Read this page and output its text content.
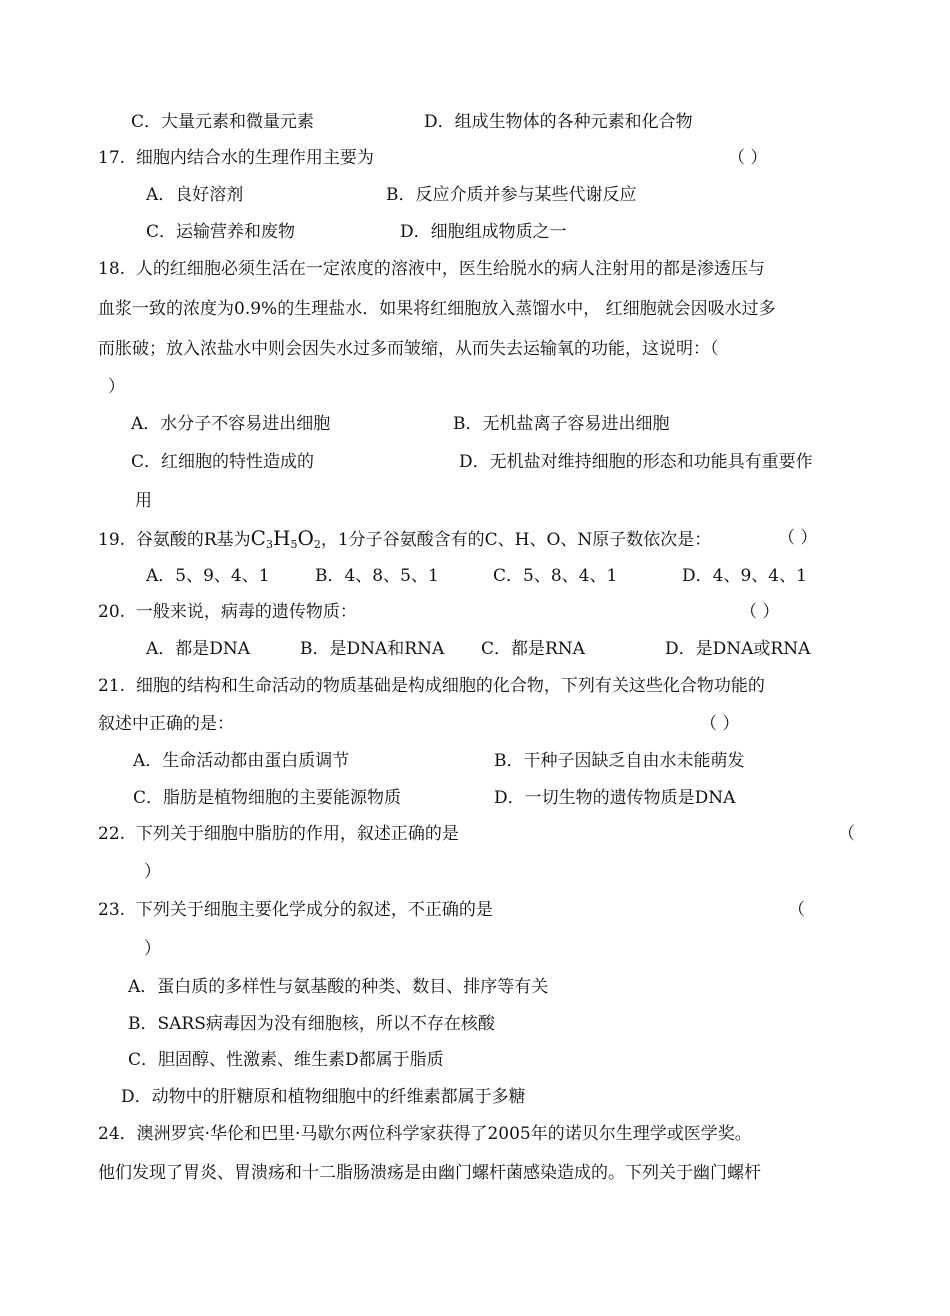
C．大量元素和微量元素	D．组成生物体的各种元素和化合物
17. 细胞内结合水的生理作用主要为	（ ）
A．良好溶剂	B．反应介质并参与某些代谢反应
C．运输营养和废物	D．细胞组成物质之一
18. 人的红细胞必须生活在一定浓度的溶液中，医生给脱水的病人注射用的都是渗透压与
血浆一致的浓度为0.9%的生理盐水．如果将红细胞放入蒸馏水中， 红细胞就会因吸水过多
而胀破；放入浓盐水中则会因失水过多而皱缩，从而失去运输氧的功能，这说明：（
）
A．水分子不容易进出细胞	B．无机盐离子容易进出细胞
C．红细胞的特性造成的	D．无机盐对维持细胞的形态和功能具有重要作
用
19. 谷氨酸的R基为$C_3H_5O_2$，1分子谷氨酸含有的C、H、O、N原子数依次是：	（ ）
A．5、9、4、1	B．4、8、5、1	C．5、8、4、1	D．4、9、4、1
20. 一般来说，病毒的遗传物质：	（ ）
A．都是DNA	B．是DNA和RNA C．都是RNA	D．是DNA或RNA
21. 细胞的结构和生命活动的物质基础是构成细胞的化合物，下列有关这些化合物功能的
叙述中正确的是：	（ ）
A．生命活动都由蛋白质调节	B．干种子因缺乏自由水未能萌发
C．脂肪是植物细胞的主要能源物质	D．一切生物的遗传物质是DNA
22. 下列关于细胞中脂肪的作用，叙述正确的是	（
）
23. 下列关于细胞主要化学成分的叙述，不正确的是	（
）
A．蛋白质的多样性与氨基酸的种类、数目、排序等有关
B．SARS病毒因为没有细胞核，所以不存在核酸
C．胆固醇、性激素、维生素D都属于脂质
D．动物中的肝糖原和植物细胞中的纤维素都属于多糖
24．澳洲罗宾·华伦和巴里·马歇尔两位科学家获得了2005年的诺贝尔生理学或医学奖。
他们发现了胃炎、胃溃疡和十二脂肠溃疡是由幽门螺杆菌感染造成的。下列关于幽门螺杆
